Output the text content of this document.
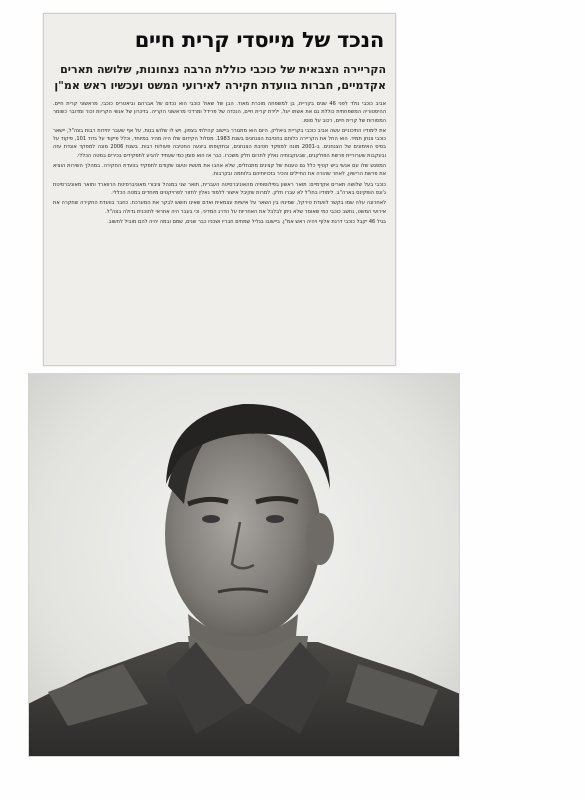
הנכד של מייסדי קרית חיים

הקריירה הצבאית של כוכבי כוללת הרבה נצחונות, שלושה תארים אקדמיים, חברות בוועדת חקירה לאירועי המשט ועכשיו ראש אמ"ן

אביב כוכבי נולד לפני 46 שנים בקריית, בן למשפחה מוכרת מאוד. הבן של שאול כוכבי הוא נכדם של אברהם וביאטריס כוכבי, מראשוני קרית חיים. ההיסטוריה המשפחתית כוללת גם את אשתו יעל, ילידת קרית חיים, הנכדה של פרידל ומרדכי מראשוני הקריה. בזיכרון של אנשי הקריות זכור ומדובר כשומר המסורות של קרית חיים, רכוב על סוסו.

את לימודיו התיכוניים עשה אביב כוכבי בקריית ביאליק. היום הוא מתגורר ביישוב קהילתי בצפון, ויש לו שלוש בנות. על אף שעבר יחידות רבות בצה"ל, יישאר כוכבי צנחן תמיד. הוא החל את הקריירה כלוחם בחטיבת הצנחנים בשנת 1983. מסלול הקידום שלו היה מהיר במיוחד, וכלל פיקוד על גדוד 101, פיקוד על בסיס האימונים של הצנחנים. ב-2001 מונה למפקד חטיבת הצנחנים, ובתקופתו ביצעה החטיבה פעולות רבות. בשנת 2006 מונה למפקד אוגדת עזה ובעקבות שערוריית פרשת הפולקנים, שבעקבותיה נאלץ לתרום חלק משכרו. כבר אז הוא סומן כמי שעתיד להגיע לתפקידים בכירים במטה הכללי.

המפגש שלו עם אנשי ביש קטיף כלל גם טענות של קצינים מתנחלים, שלא אהבו את מעשיו וטענו שקודם לתפקיד בוועדת החקירה. במהלך השירות הוציא את פרשת הרישיון, לאחר שהורה את החיילים והכיר בזכויותיהם בלוחמה ובקרבות.

כוכבי בעל שלושה תארים אקדמיים: תואר ראשון בפילוסופיה מהאוניברסיטה העברית, תואר שני במנהל ציבורי מאוניברסיטת הרווארד ותואר מאוניברסיטת ג'ונס הופקינס בארה"ב. לימודיו בחו"ל לא עברו חלק. למרות שקיבל אישור ללמוד נאלץ לחזור לפרויקטים מיוחדים במטה הכללי.

לאחרונה עלה שמו בקשר לוועדת טירקל, שמינויו בין השאר על אישיות עצמאית ואדם שאינו חושש לבקר את המערכת. כחבר בוועדת החקירה שחקרה את אירועי המשט, נחשב כוכבי כמי שאומר שלא ניתן לבלבל את האחריות על הדרג המדיני, וכי בעבר היה אחראי לתוכנית גדולה בצה"ל.

בגיל 46 יקבל כוכבי דרגת אלוף ויהיה ראש אמ"ן. ביישובו בגליל שמחים חבריו ושכניו כבר שנים, שמם ובמה יהיה להם מוביל לחשוב.
